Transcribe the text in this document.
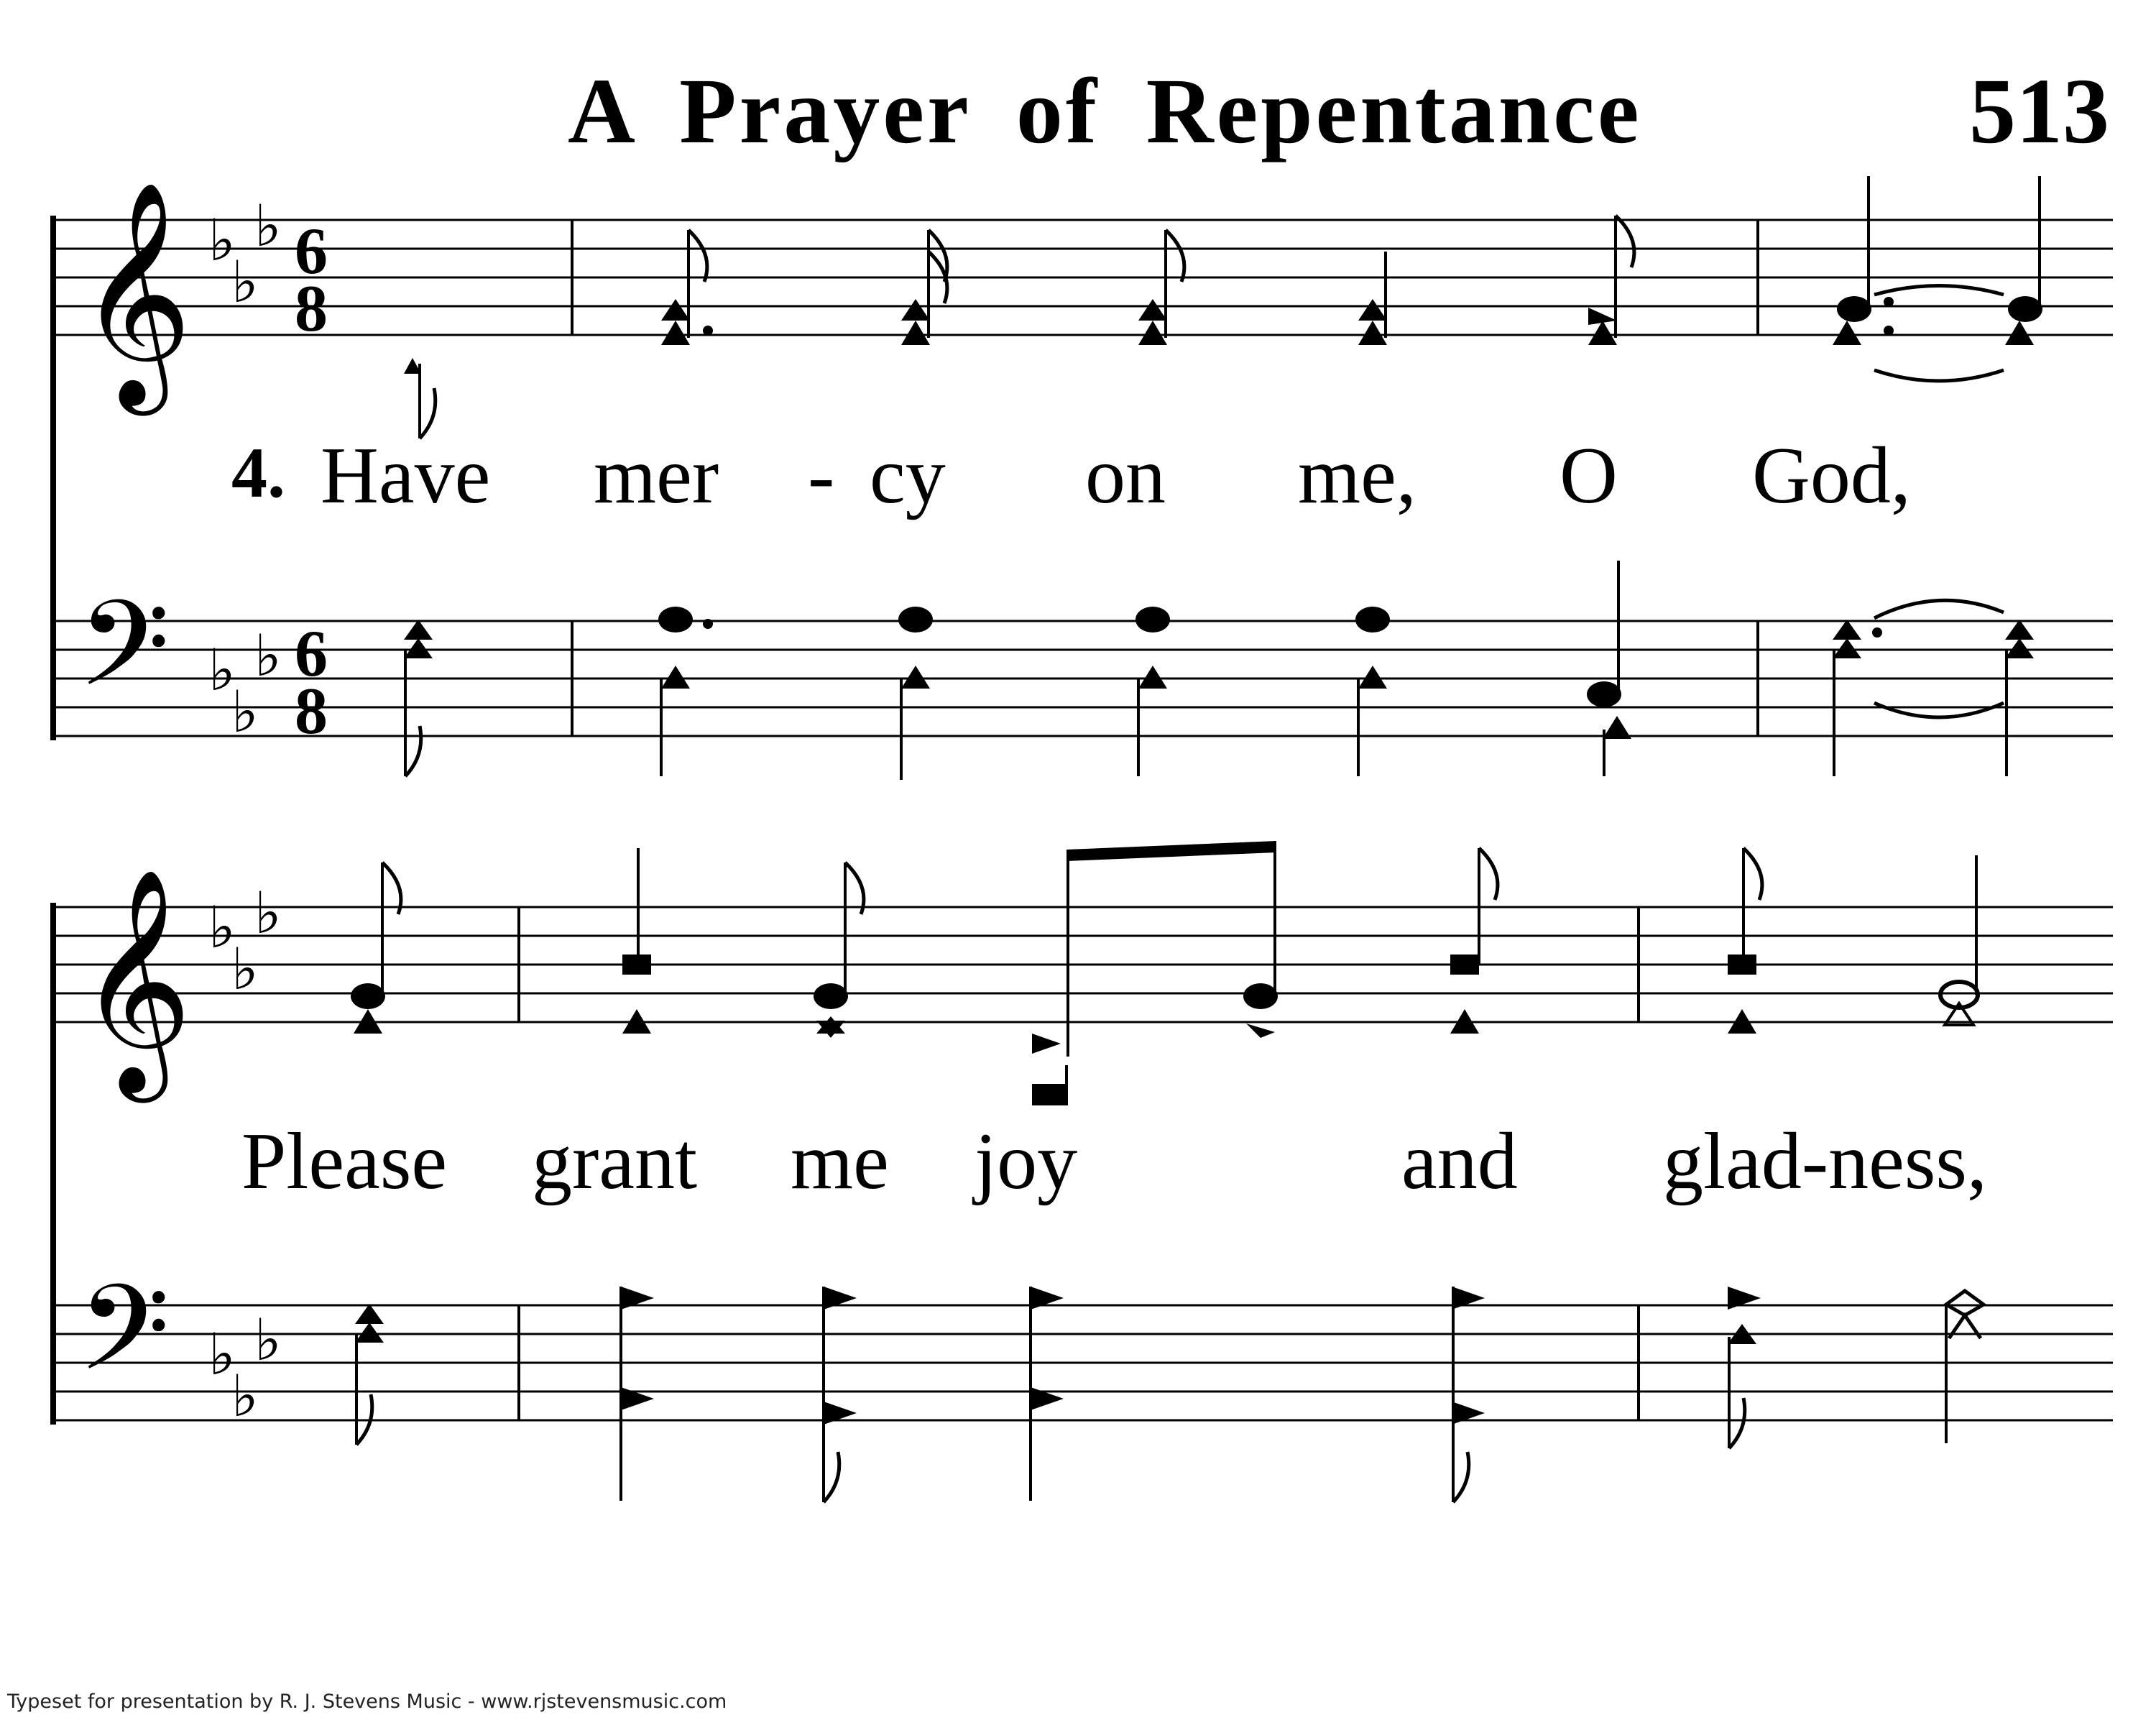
A Prayer of Repentance	513
𝄞
𝄢
♭
♭
♭
♭
♭
♭
6
8
6
8
𝄞
𝄢
♭
♭
♭
♭
♭
♭
4. Have mer - cy on me, O God,
Please grant me joy	and glad-ness,
Typeset for presentation by R. J. Stevens Music - www.rjstevensmusic.com
